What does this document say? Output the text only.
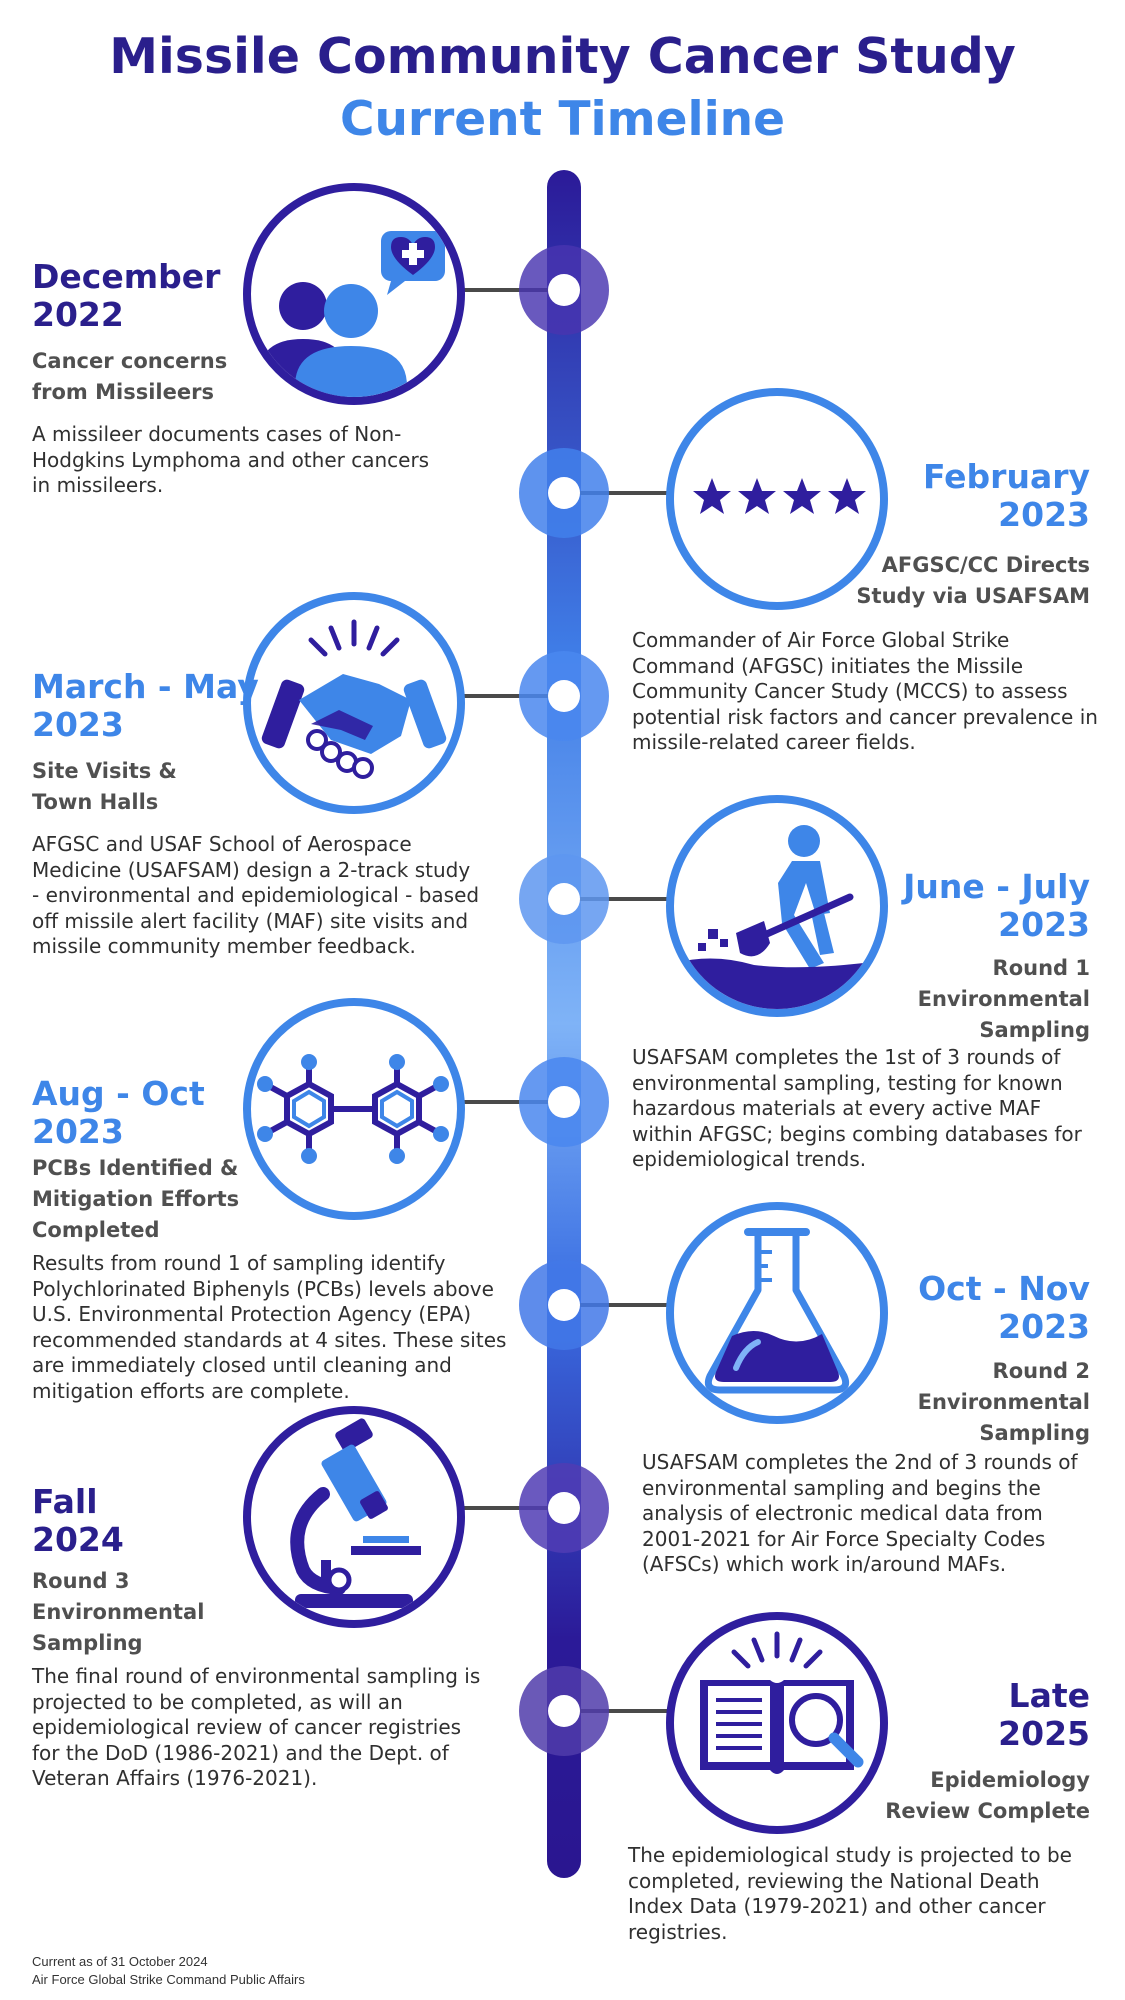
Missile Community Cancer Study
Current Timeline

December
2022

Cancer concerns
from Missileers

A missileer documents cases of Non-Hodgkins Lymphoma and other cancers in missileers.	February
2023

AFGSC/CC Directs
Study via USAFSAM

Commander of Air Force Global Strike Command (AFGSC) initiates the Missile Community Cancer Study (MCCS) to assess potential risk factors and cancer prevalence in missile-related career fields.

March - May
2023

Site Visits &
Town Halls

AFGSC and USAF School of Aerospace Medicine (USAFSAM) design a 2-track study - environmental and epidemiological - based off missile alert facility (MAF) site visits and missile community member feedback.

June - July
2023

Round 1
Environmental
Sampling

USAFSAM completes the 1st of 3 rounds of environmental sampling, testing for known hazardous materials at every active MAF within AFGSC; begins combing databases for epidemiological trends.

Aug - Oct
2023

PCBs Identified &
Mitigation Efforts
Completed

Results from round 1 of sampling identify Polychlorinated Biphenyls (PCBs) levels above U.S. Environmental Protection Agency (EPA) recommended standards at 4 sites. These sites are immediately closed until cleaning and mitigation efforts are complete.

Oct - Nov
2023

Round 2
Environmental
Sampling

USAFSAM completes the 2nd of 3 rounds of environmental sampling and begins the analysis of electronic medical data from 2001-2021 for Air Force Specialty Codes (AFSCs) which work in/around MAFs.

Fall
2024

Round 3
Environmental
Sampling

The final round of environmental sampling is projected to be completed, as will an epidemiological review of cancer registries for the DoD (1986-2021) and the Dept. of Veteran Affairs (1976-2021).

Late
2025

Epidemiology
Review Complete

The epidemiological study is projected to be completed, reviewing the National Death Index Data (1979-2021) and other cancer registries.

Current as of 31 October 2024
Air Force Global Strike Command Public Affairs
